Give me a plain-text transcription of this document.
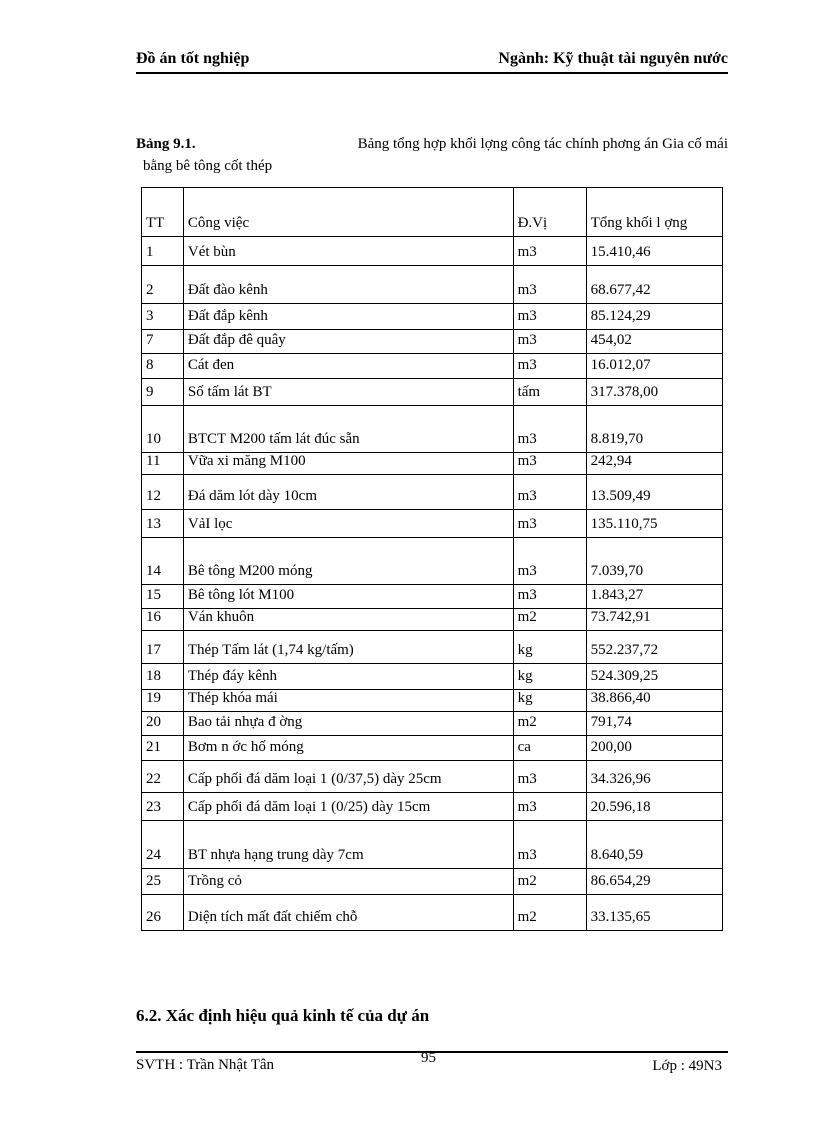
Đồ án tốt nghiệp	Ngành: Kỹ thuật tài nguyên nước
Bảng 9.1.	Bảng tổng hợp khối lợng công tác chính phơng án Gia cố mái
bằng bê tông cốt thép
TT	Công việc	Đ.Vị	Tổng khối l ợng
1	Vét bùn	m3	15.410,46
2	Đất đào kênh	m3	68.677,42
3	Đất đắp kênh	m3	85.124,29
7	Đất đắp đê quây	m3	454,02
8	Cát đen	m3	16.012,07
9	Số tấm lát BT	tấm	317.378,00
10	BTCT M200 tấm lát đúc sẵn	m3	8.819,70
11	Vữa xi măng M100	m3	242,94
12	Đá dăm lót dày 10cm	m3	13.509,49
13	VảI lọc	m3	135.110,75
14	Bê tông M200 móng	m3	7.039,70
15	Bê tông lót M100	m3	1.843,27
16	Ván khuôn	m2	73.742,91
17	Thép Tấm lát (1,74 kg/tấm)	kg	552.237,72
18	Thép đáy kênh	kg	524.309,25
19	Thép khóa mái	kg	38.866,40
20	Bao tải nhựa đ ờng	m2	791,74
21	Bơm n ớc hố móng	ca	200,00
22	Cấp phối đá dăm loại 1 (0/37,5) dày 25cm	m3	34.326,96
23	Cấp phối đá dăm loại 1 (0/25) dày 15cm	m3	20.596,18
24	BT nhựa hạng trung dày 7cm	m3	8.640,59
25	Trồng cỏ	m2	86.654,29
26	Diện tích mất đất chiếm chỗ	m2	33.135,65
6.2. Xác định hiệu quả kinh tế của dự án
SVTH : Trần Nhật Tân	95	Lớp : 49N3
